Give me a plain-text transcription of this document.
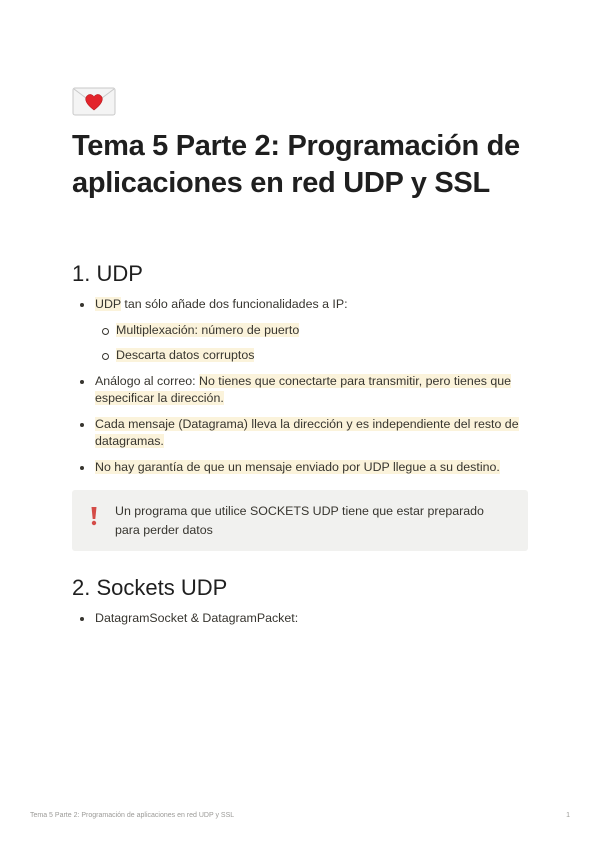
Tema 5 Parte 2: Programación de aplicaciones en red UDP y SSL
1. UDP
UDP tan sólo añade dos funcionalidades a IP:
Multiplexación: número de puerto
Descarta datos corruptos
Análogo al correo: No tienes que conectarte para transmitir, pero tienes que especificar la dirección.
Cada mensaje (Datagrama) lleva la dirección y es independiente del resto de datagramas.
No hay garantía de que un mensaje enviado por UDP llegue a su destino.
Un programa que utilice SOCKETS UDP tiene que estar preparado para perder datos
2. Sockets UDP
DatagramSocket & DatagramPacket:
Tema 5 Parte 2: Programación de aplicaciones en red UDP y SSL	1
